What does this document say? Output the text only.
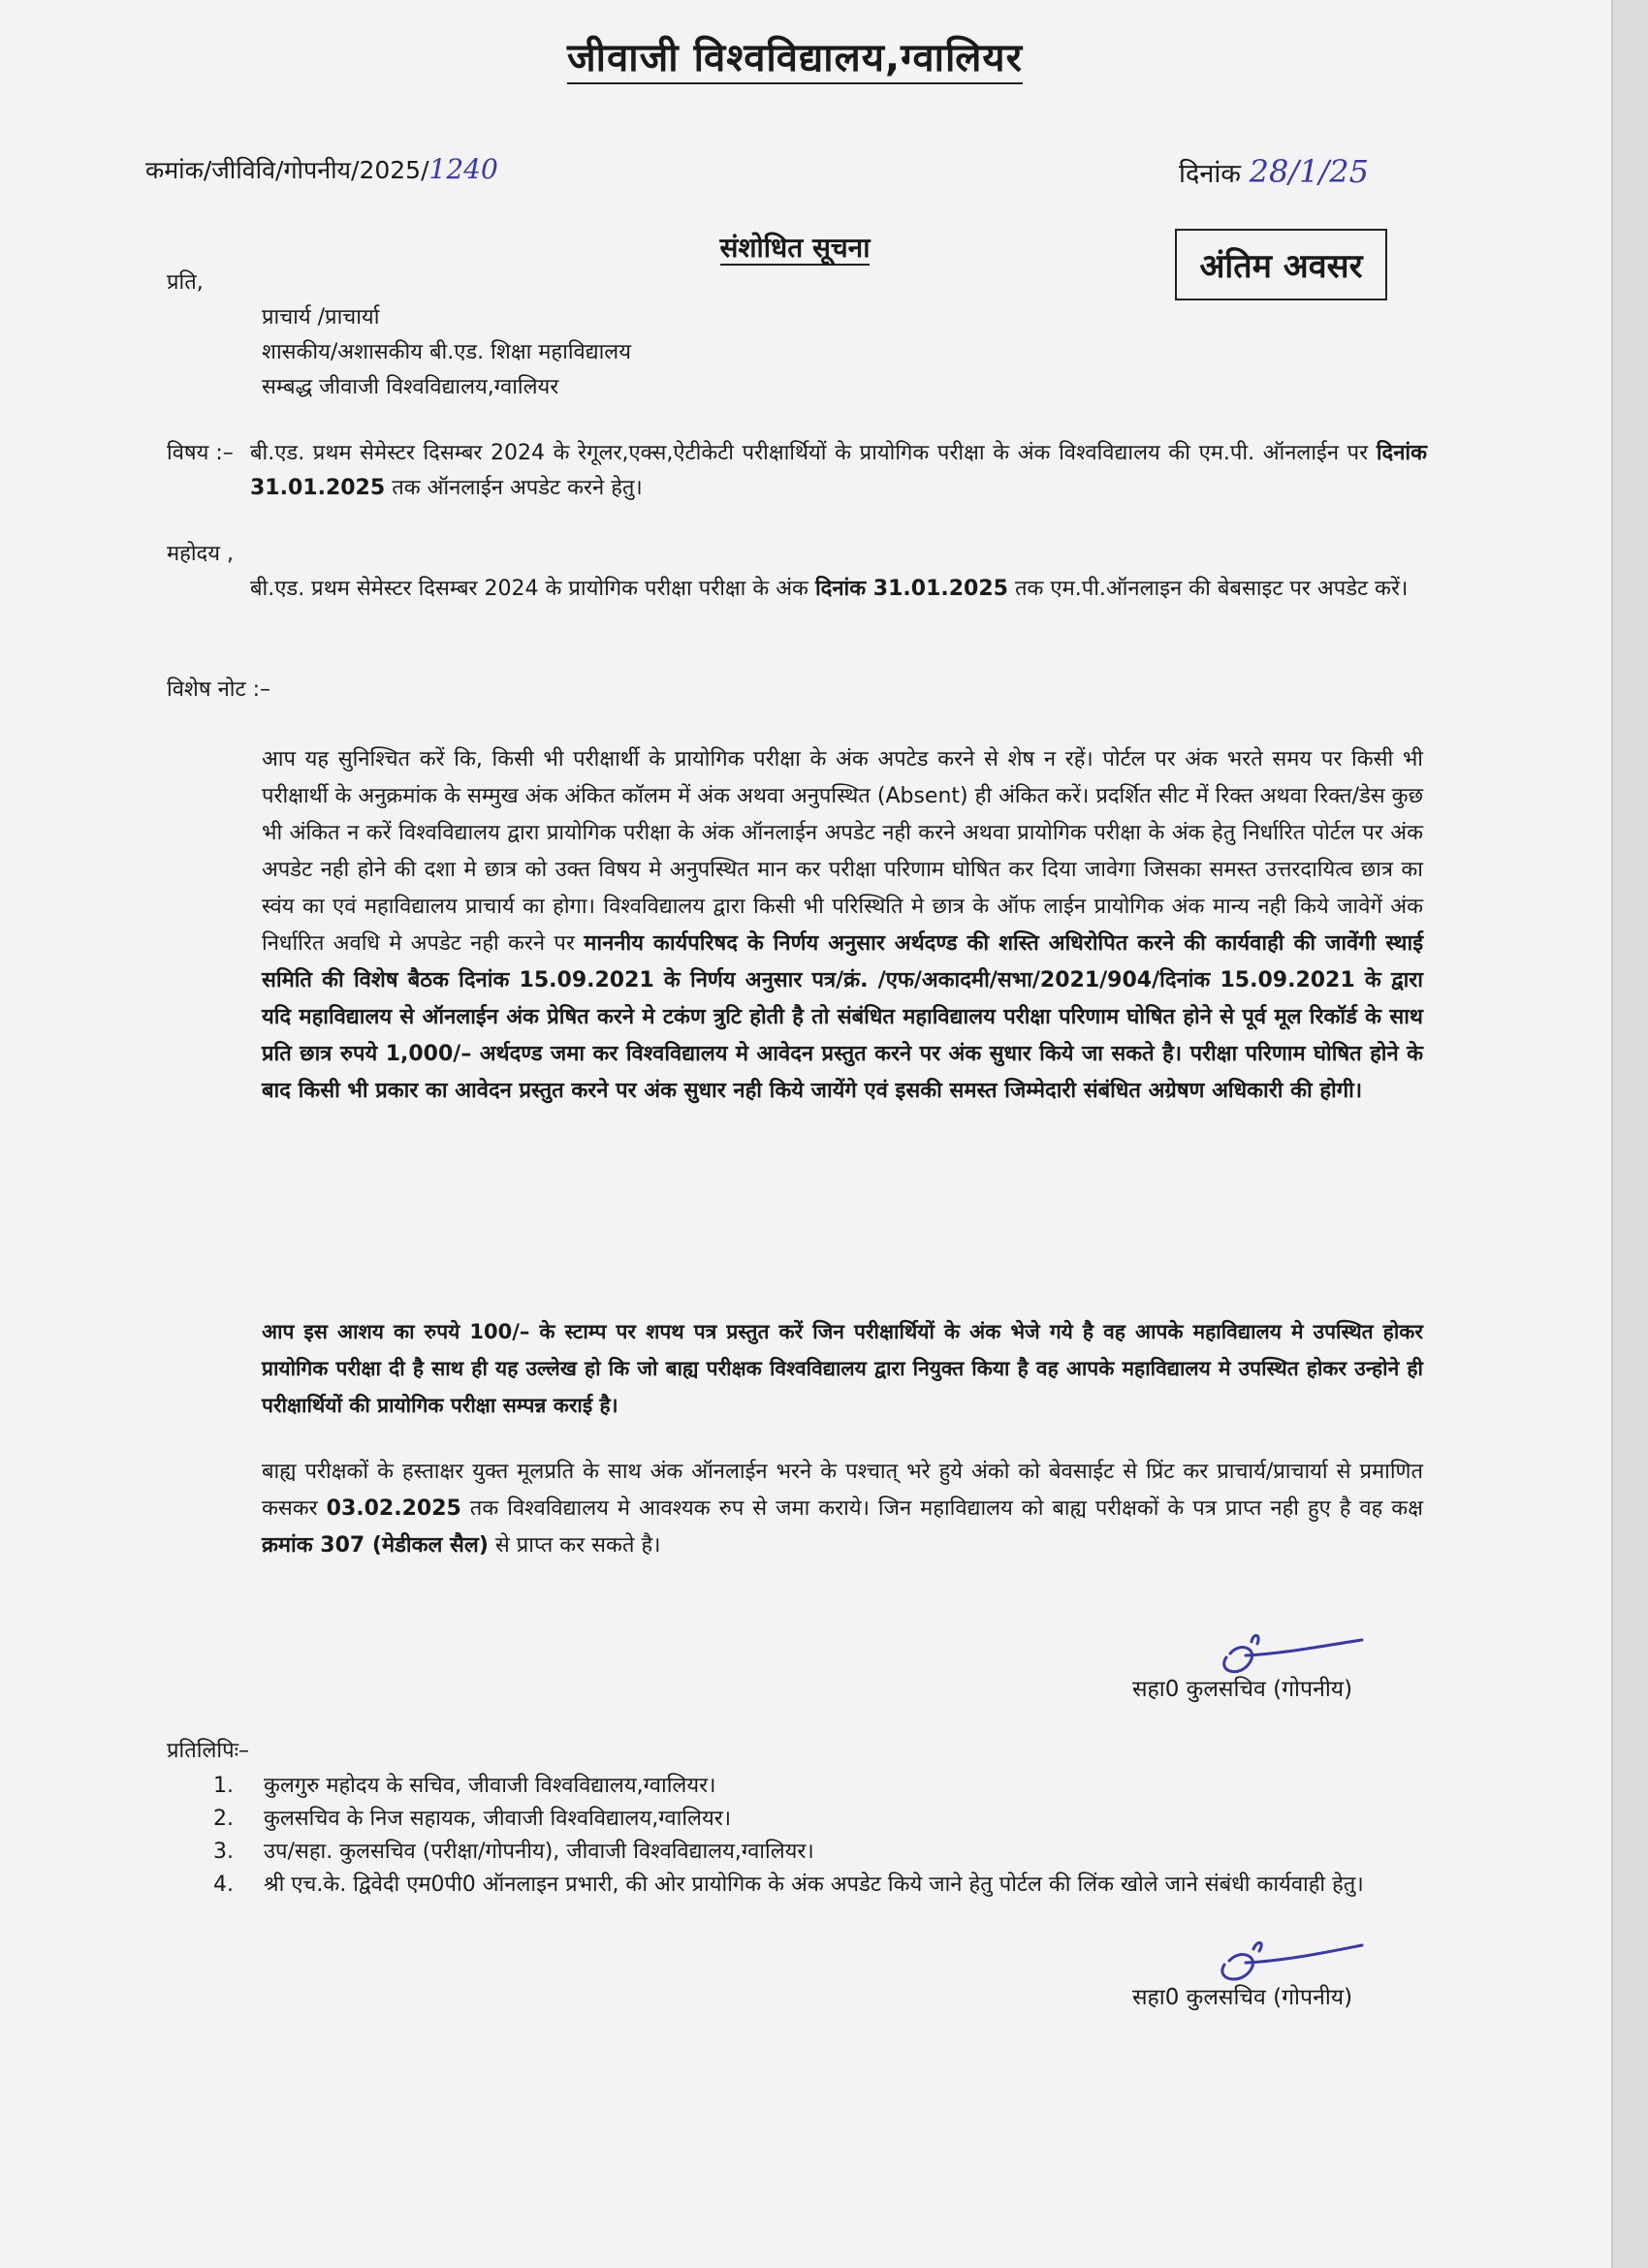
जीवाजी विश्वविद्यालय,ग्वालियर
कमांक/जीविवि/गोपनीय/2025/1240	दिनांक 28/1/25
संशोधित सूचना	अंतिम अवसर
प्रति,
प्राचार्य /प्राचार्या
शासकीय/अशासकीय बी.एड. शिक्षा महाविद्यालय
सम्बद्ध जीवाजी विश्वविद्यालय,ग्वालियर
विषय :– बी.एड. प्रथम सेमेस्टर दिसम्बर 2024 के रेगूलर,एक्स,ऐटीकेटी परीक्षार्थियों के प्रायोगिक परीक्षा के अंक विश्वविद्यालय की एम.पी. ऑनलाईन पर दिनांक 31.01.2025 तक ऑनलाईन अपडेट करने हेतु।
महोदय ,
बी.एड. प्रथम सेमेस्टर दिसम्बर 2024 के प्रायोगिक परीक्षा परीक्षा के अंक दिनांक 31.01.2025 तक एम.पी.ऑनलाइन की बेबसाइट पर अपडेट करें।
विशेष नोट :–
आप यह सुनिश्चित करें कि, किसी भी परीक्षार्थी के प्रायोगिक परीक्षा के अंक अपटेड करने से शेष न रहें। पोर्टल पर अंक भरते समय पर किसी भी परीक्षार्थी के अनुक्रमांक के सम्मुख अंक अंकित कॉलम में अंक अथवा अनुपस्थित (Absent) ही अंकित करें। प्रदर्शित सीट में रिक्त अथवा रिक्त/डेस कुछ भी अंकित न करें विश्वविद्यालय द्वारा प्रायोगिक परीक्षा के अंक ऑनलाईन अपडेट नही करने अथवा प्रायोगिक परीक्षा के अंक हेतु निर्धारित पोर्टल पर अंक अपडेट नही होने की दशा मे छात्र को उक्त विषय मे अनुपस्थित मान कर परीक्षा परिणाम घोषित कर दिया जावेगा जिसका समस्त उत्तरदायित्व छात्र का स्वंय का एवं महाविद्यालय प्राचार्य का होगा। विश्वविद्यालय द्वारा किसी भी परिस्थिति मे छात्र के ऑफ लाईन प्रायोगिक अंक मान्य नही किये जावेगें अंक निर्धारित अवधि मे अपडेट नही करने पर माननीय कार्यपरिषद के निर्णय अनुसार अर्थदण्ड की शस्ति अधिरोपित करने की कार्यवाही की जावेंगी स्थाई समिति की विशेष बैठक दिनांक 15.09.2021 के निर्णय अनुसार पत्र/क्रं. /एफ/अकादमी/सभा/2021/904/दिनांक 15.09.2021 के द्वारा यदि महाविद्यालय से ऑनलाईन अंक प्रेषित करने मे टकंण त्रुटि होती है तो संबंधित महाविद्यालय परीक्षा परिणाम घोषित होने से पूर्व मूल रिकॉर्ड के साथ प्रति छात्र रुपये 1,000/– अर्थदण्ड जमा कर विश्वविद्यालय मे आवेदन प्रस्तुत करने पर अंक सुधार किये जा सकते है। परीक्षा परिणाम घोषित होने के बाद किसी भी प्रकार का आवेदन प्रस्तुत करने पर अंक सुधार नही किये जायेंगे एवं इसकी समस्त जिम्मेदारी संबंधित अग्रेषण अधिकारी की होगी।
आप इस आशय का रुपये 100/– के स्टाम्प पर शपथ पत्र प्रस्तुत करें जिन परीक्षार्थियों के अंक भेजे गये है वह आपके महाविद्यालय मे उपस्थित होकर प्रायोगिक परीक्षा दी है साथ ही यह उल्लेख हो कि जो बाह्य परीक्षक विश्वविद्यालय द्वारा नियुक्त किया है वह आपके महाविद्यालय मे उपस्थित होकर उन्होने ही परीक्षार्थियों की प्रायोगिक परीक्षा सम्पन्न कराई है।
बाह्य परीक्षकों के हस्ताक्षर युक्त मूलप्रति के साथ अंक ऑनलाईन भरने के पश्चात् भरे हुये अंको को बेवसाईट से प्रिंट कर प्राचार्य/प्राचार्या से प्रमाणित कसकर 03.02.2025 तक विश्वविद्यालय मे आवश्यक रुप से जमा कराये। जिन महाविद्यालय को बाह्य परीक्षकों के पत्र प्राप्त नही हुए है वह कक्ष क्रमांक 307 (मेडीकल सैल) से प्राप्त कर सकते है।
सहा0 कुलसचिव (गोपनीय)
प्रतिलिपिः–
1. कुलगुरु महोदय के सचिव, जीवाजी विश्वविद्यालय,ग्वालियर।
2. कुलसचिव के निज सहायक, जीवाजी विश्वविद्यालय,ग्वालियर।
3. उप/सहा. कुलसचिव (परीक्षा/गोपनीय), जीवाजी विश्वविद्यालय,ग्वालियर।
4. श्री एच.के. द्विवेदी एम0पी0 ऑनलाइन प्रभारी, की ओर प्रायोगिक के अंक अपडेट किये जाने हेतु पोर्टल की लिंक खोले जाने संबंधी कार्यवाही हेतु।
सहा0 कुलसचिव (गोपनीय)
